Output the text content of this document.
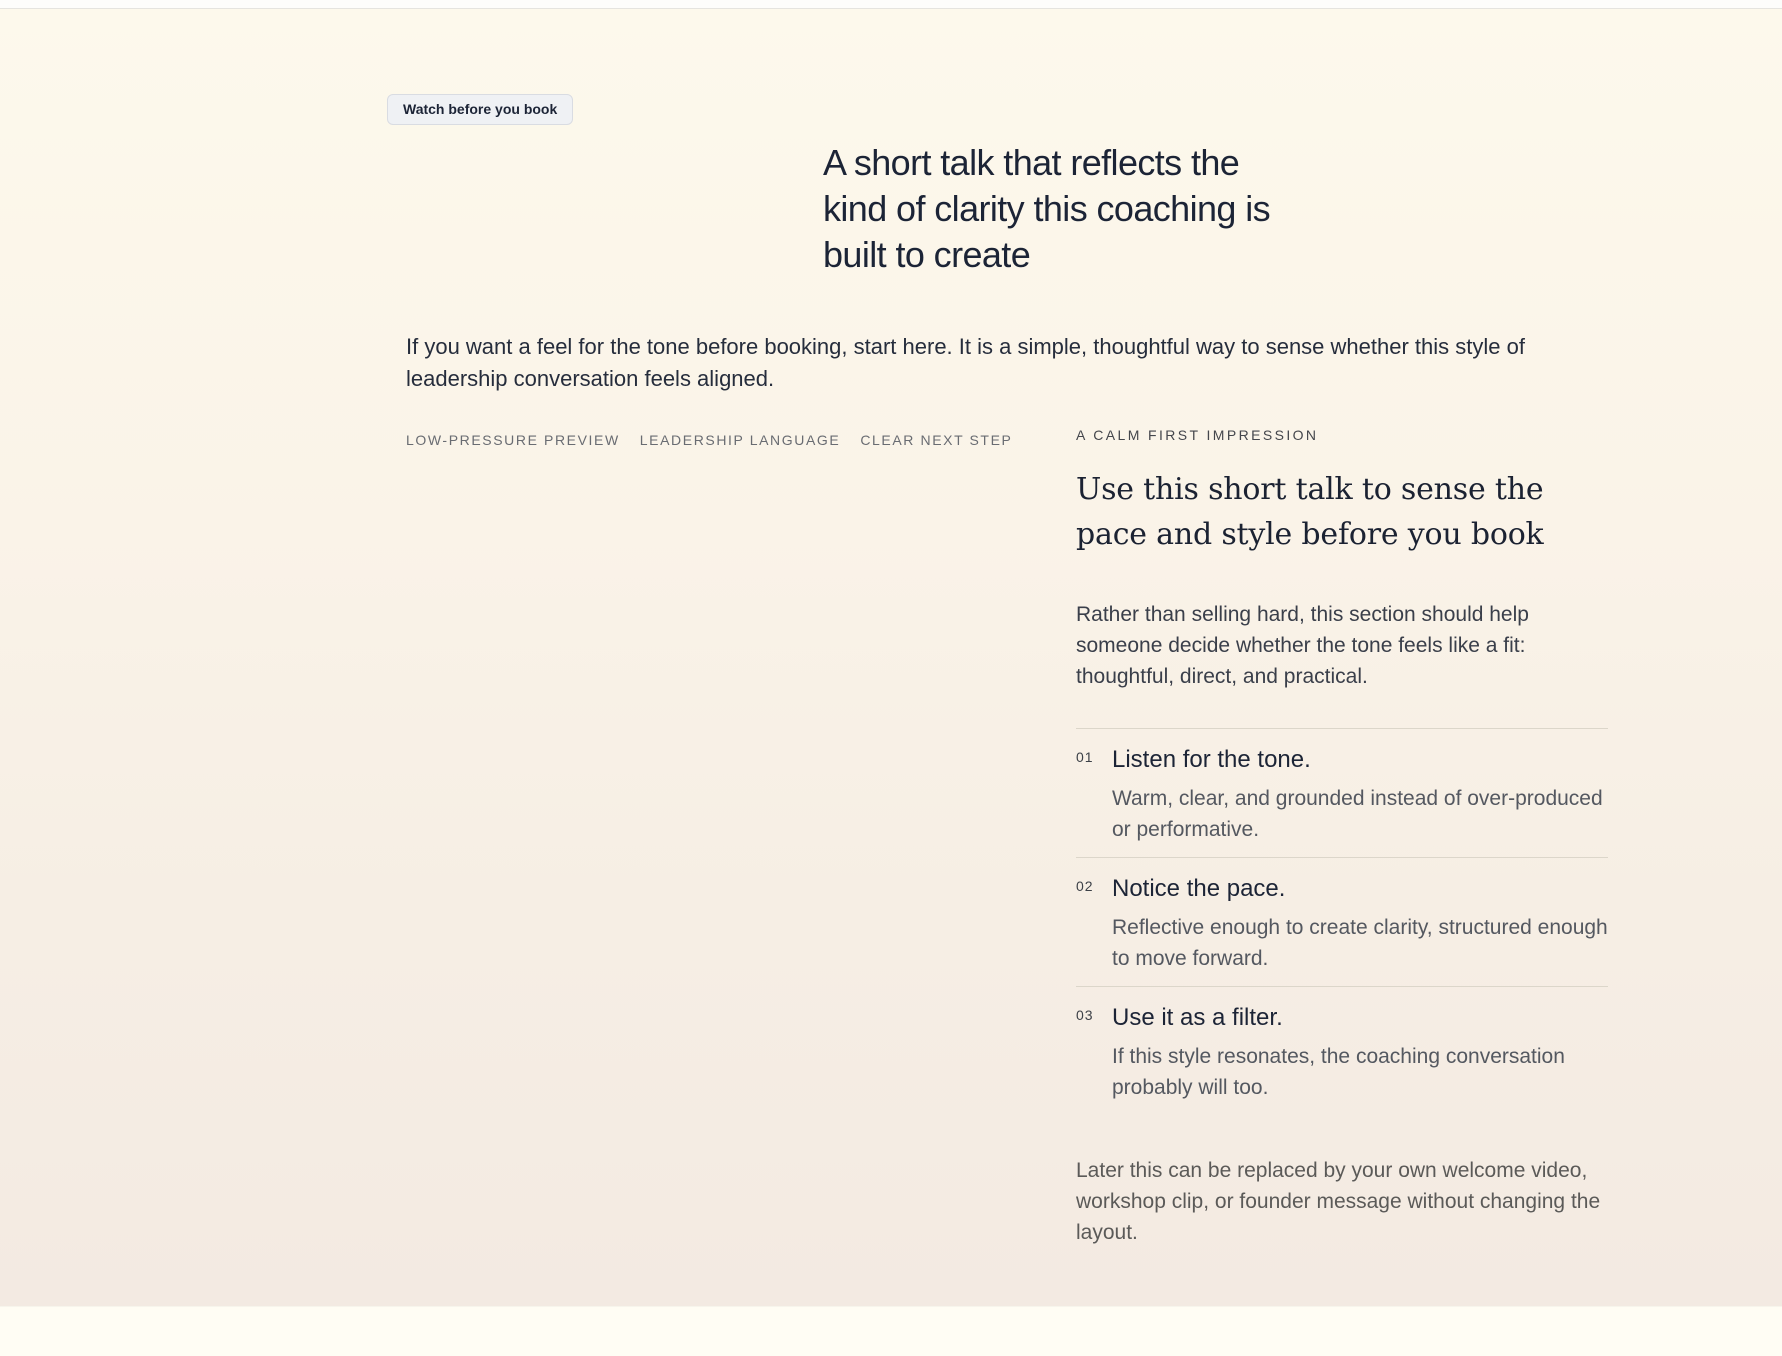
Watch before you book
A short talk that reflects the kind of clarity this coaching is built to create

If you want a feel for the tone before booking, start here. It is a simple, thoughtful way to sense whether this style of leadership conversation feels aligned.

LOW-PRESSURE PREVIEW LEADERSHIP LANGUAGE CLEAR NEXT STEP	A CALM FIRST IMPRESSION

Use this short talk to sense the pace and style before you book

Rather than selling hard, this section should help someone decide whether the tone feels like a fit: thoughtful, direct, and practical.

01 Listen for the tone.

Warm, clear, and grounded instead of over-produced or performative.

02 Notice the pace.

Reflective enough to create clarity, structured enough to move forward.

03 Use it as a filter.

If this style resonates, the coaching conversation probably will too.

Later this can be replaced by your own welcome video, workshop clip, or founder message without changing the layout.
